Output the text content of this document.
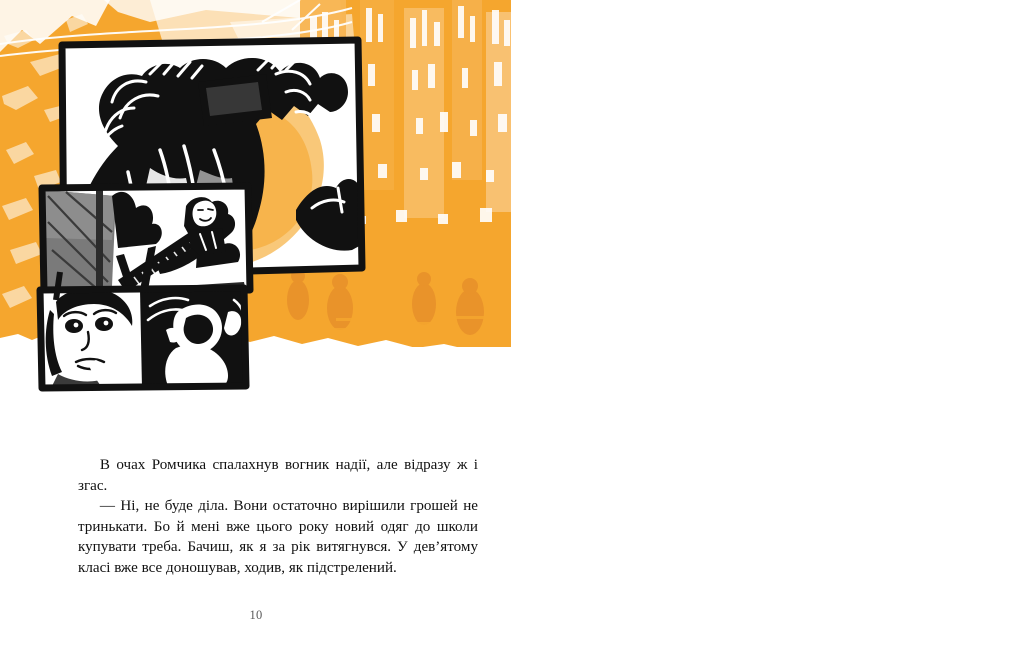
В очах Ромчика спалахнув вогник надії, але відразу ж і згас.

— Ні, не буде діла. Вони остаточно вирішили грошей не тринькати. Бо й мені вже цього року новий одяг до школи купувати треба. Бачиш, як я за рік витягнувся. У дев’ятому класі вже все доношував, ходив, як підстрелений.

10
